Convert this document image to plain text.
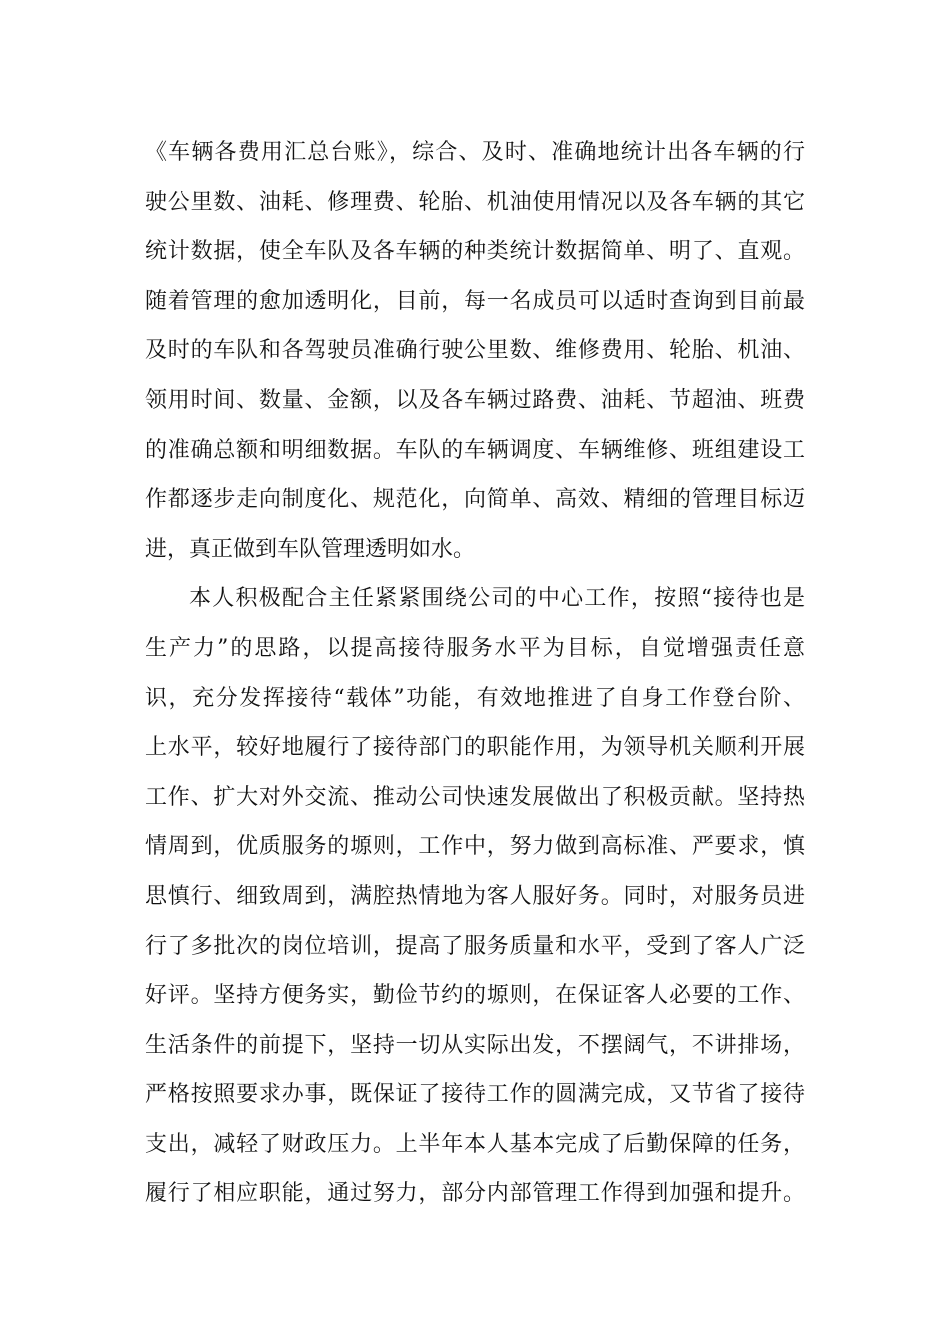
《车辆各费用汇总台账》，综合、及时、准确地统计出各车辆的行
驶公里数、油耗、修理费、轮胎、机油使用情况以及各车辆的其它
统计数据，使全车队及各车辆的种类统计数据简单、明了、直观。
随着管理的愈加透明化，目前，每一名成员可以适时查询到目前最
及时的车队和各驾驶员准确行驶公里数、维修费用、轮胎、机油、
领用时间、数量、金额，以及各车辆过路费、油耗、节超油、班费
的准确总额和明细数据。车队的车辆调度、车辆维修、班组建设工
作都逐步走向制度化、规范化，向简单、高效、精细的管理目标迈
进，真正做到车队管理透明如水。
本人积极配合主任紧紧围绕公司的中心工作，按照“接待也是
生产力”的思路，以提高接待服务水平为目标，自觉增强责任意
识，充分发挥接待“载体”功能，有效地推进了自身工作登台阶、
上水平，较好地履行了接待部门的职能作用，为领导机关顺利开展
工作、扩大对外交流、推动公司快速发展做出了积极贡献。坚持热
情周到，优质服务的塬则，工作中，努力做到高标准、严要求，慎
思慎行、细致周到，满腔热情地为客人服好务。同时，对服务员进
行了多批次的岗位培训，提高了服务质量和水平，受到了客人广泛
好评。坚持方便务实，勤俭节约的塬则，在保证客人必要的工作、
生活条件的前提下，坚持一切从实际出发，不摆阔气，不讲排场，
严格按照要求办事，既保证了接待工作的圆满完成，又节省了接待
支出，减轻了财政压力。上半年本人基本完成了后勤保障的任务，
履行了相应职能，通过努力，部分内部管理工作得到加强和提升。
